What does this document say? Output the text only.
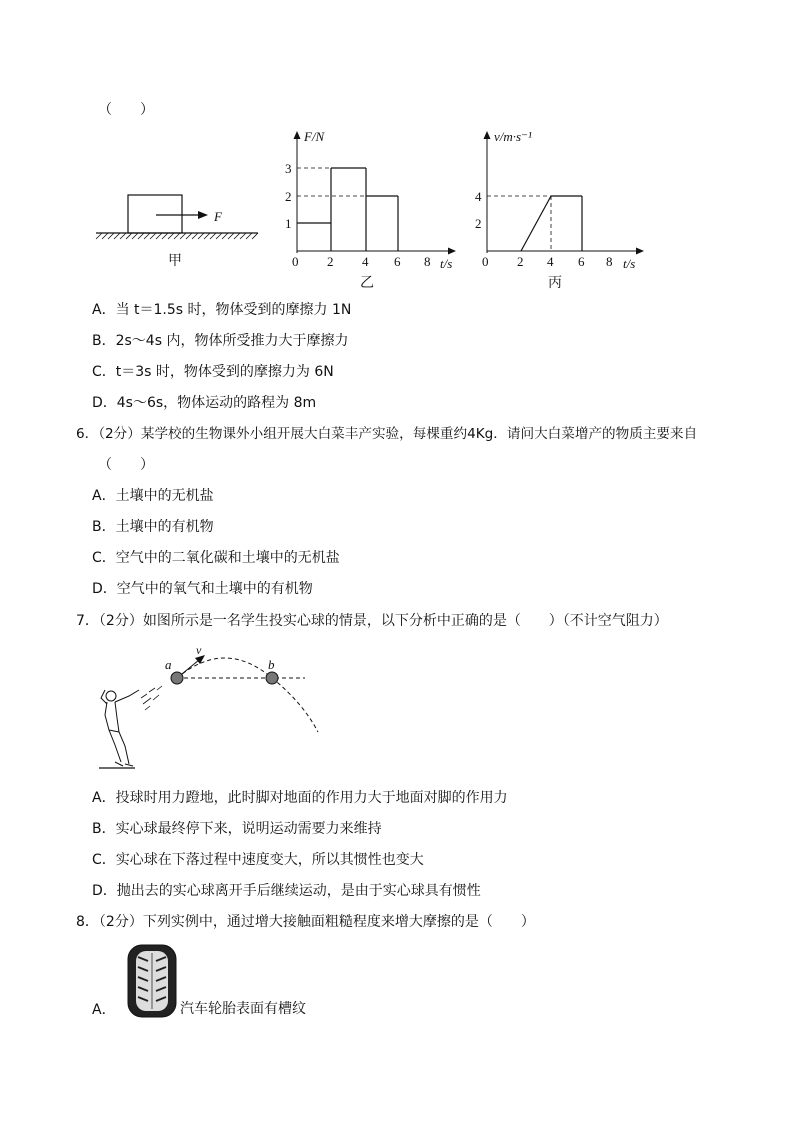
（　　）
F
甲
F/N
0 2 4 6 8 t/s
1
2
3
乙
v/m·s⁻¹
0 2 4 6 8 t/s
2
4
丙
A．当 t＝1.5s 时，物体受到的摩擦力 1N
B．2s～4s 内，物体所受推力大于摩擦力
C．t＝3s 时，物体受到的摩擦力为 6N
D．4s～6s，物体运动的路程为 8m
6．（2分）某学校的生物课外小组开展大白菜丰产实验，每棵重约4Kg．请问大白菜增产的物质主要来自
（　　）
A．土壤中的无机盐
B．土壤中的有机物
C．空气中的二氧化碳和土壤中的无机盐
D．空气中的氧气和土壤中的有机物
7．（2分）如图所示是一名学生投实心球的情景，以下分析中正确的是（　　）（不计空气阻力）
v
a	b
A．投球时用力蹬地，此时脚对地面的作用力大于地面对脚的作用力
B．实心球最终停下来，说明运动需要力来维持
C．实心球在下落过程中速度变大，所以其惯性也变大
D．抛出去的实心球离开手后继续运动，是由于实心球具有惯性
8．（2分）下列实例中，通过增大接触面粗糙程度来增大摩擦的是（　　）
A．	汽车轮胎表面有槽纹
